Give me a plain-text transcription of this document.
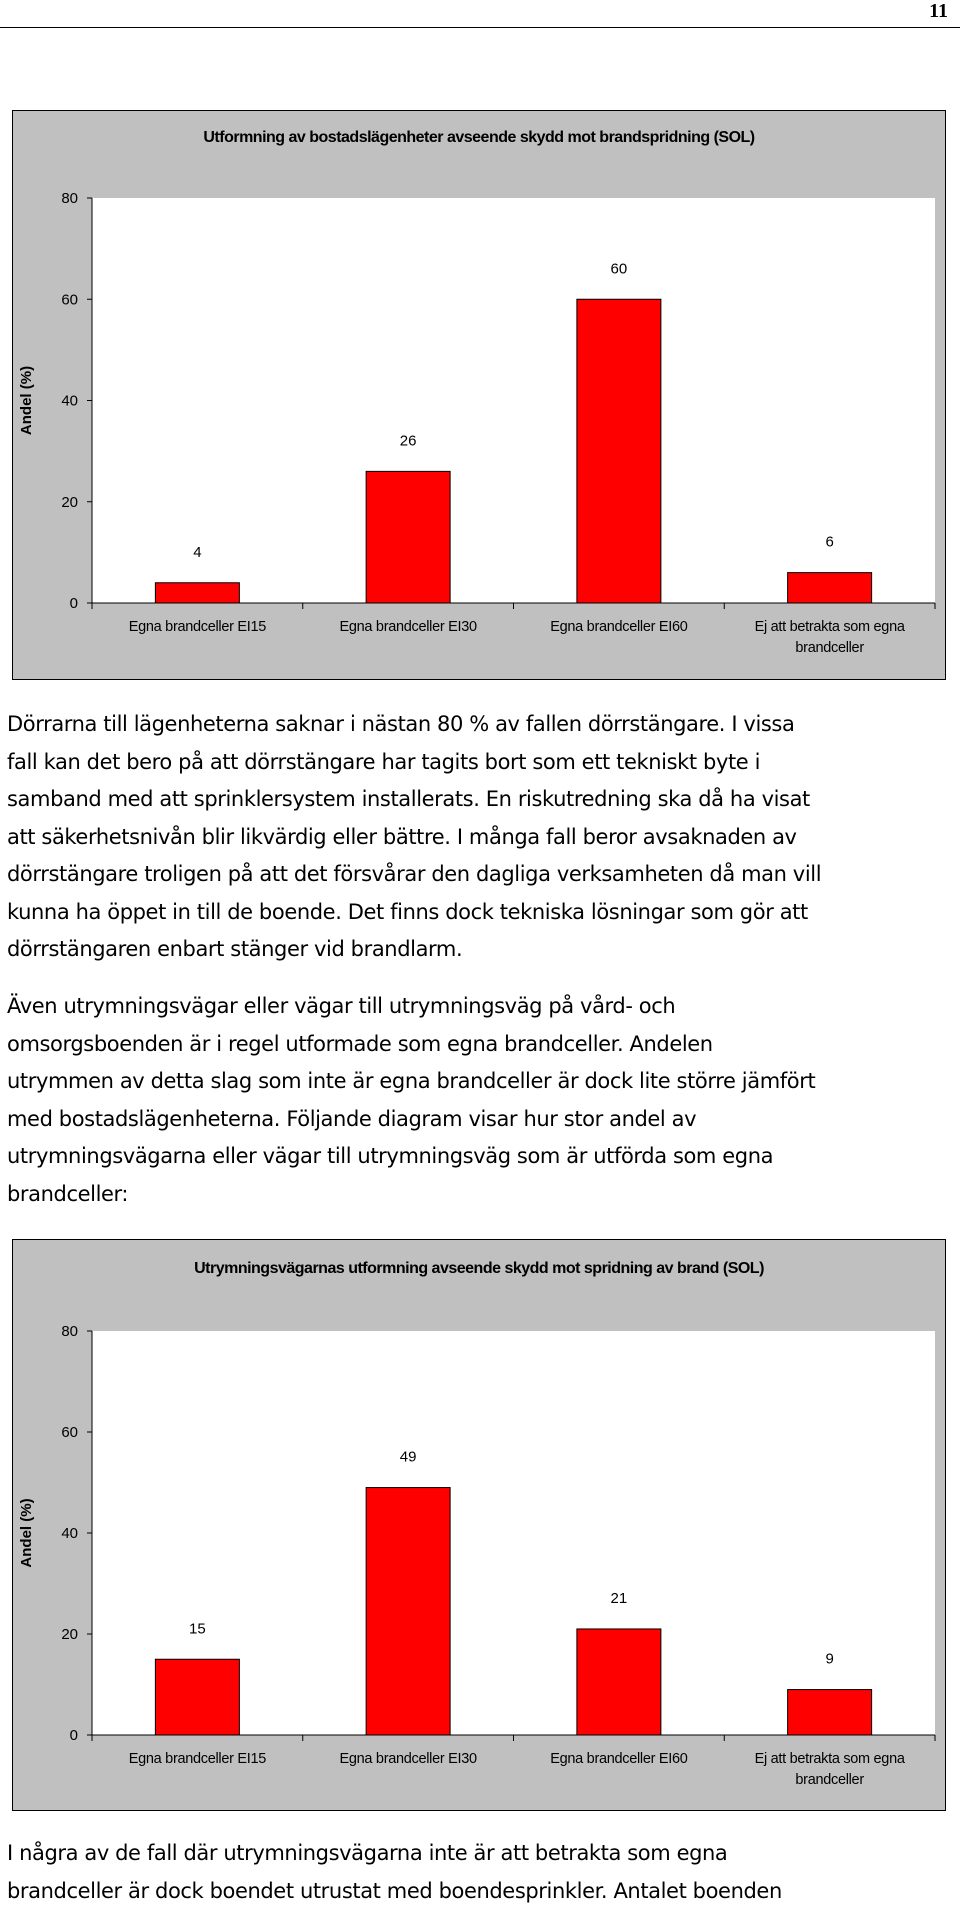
11
Utformning av bostadslägenheter avseende skydd mot brandspridning (SOL)
0
20
40
60
80
Andel (%)
4
Egna brandceller EI15
26
Egna brandceller EI30
60
Egna brandceller EI60
6
Ej att betrakta som egna
brandceller
Dörrarna till lägenheterna saknar i nästan 80 % av fallen dörrstängare. I vissa
fall kan det bero på att dörrstängare har tagits bort som ett tekniskt byte i
samband med att sprinklersystem installerats. En riskutredning ska då ha visat
att säkerhetsnivån blir likvärdig eller bättre. I många fall beror avsaknaden av
dörrstängare troligen på att det försvårar den dagliga verksamheten då man vill
kunna ha öppet in till de boende. Det finns dock tekniska lösningar som gör att
dörrstängaren enbart stänger vid brandlarm.
Även utrymningsvägar eller vägar till utrymningsväg på vård- och
omsorgsboenden är i regel utformade som egna brandceller. Andelen
utrymmen av detta slag som inte är egna brandceller är dock lite större jämfört
med bostadslägenheterna. Följande diagram visar hur stor andel av
utrymningsvägarna eller vägar till utrymningsväg som är utförda som egna
brandceller:
Utrymningsvägarnas utformning avseende skydd mot spridning av brand (SOL)
0
20
40
60
80
Andel (%)
15
Egna brandceller EI15
49
Egna brandceller EI30
21
Egna brandceller EI60
9
Ej att betrakta som egna
brandceller
I några av de fall där utrymningsvägarna inte är att betrakta som egna
brandceller är dock boendet utrustat med boendesprinkler. Antalet boenden
